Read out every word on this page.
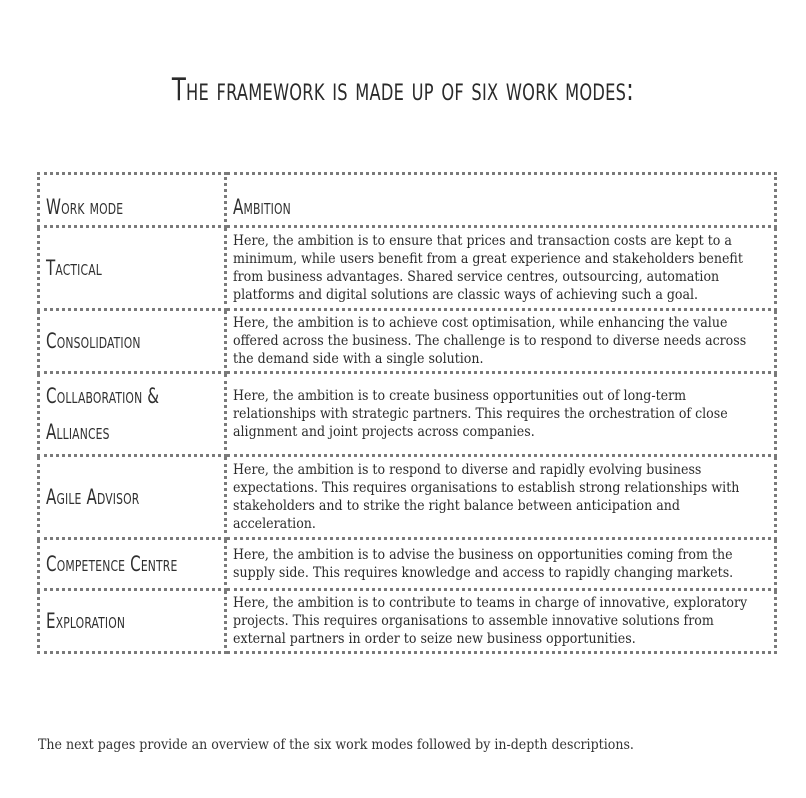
The framework is made up of six work modes:
Work mode	Ambition
Tactical	Here, the ambition is to ensure that prices and transaction costs are kept to a minimum, while users benefit from a great experience and stakeholders benefit from business advantages. Shared service centres, outsourcing, automation platforms and digital solutions are classic ways of achieving such a goal.

Consolidation	Here, the ambition is to achieve cost optimisation, while enhancing the value offered across the business. The challenge is to respond to diverse needs across the demand side with a single solution.

Collaboration & Alliances	Here, the ambition is to create business opportunities out of long-term relationships with strategic partners. This requires the orchestration of close alignment and joint projects across companies.

Agile Advisor	Here, the ambition is to respond to diverse and rapidly evolving business expectations. This requires organisations to establish strong relationships with stakeholders and to strike the right balance between anticipation and acceleration.

Competence Centre	Here, the ambition is to advise the business on opportunities coming from the supply side. This requires knowledge and access to rapidly changing markets.

Exploration	Here, the ambition is to contribute to teams in charge of innovative, exploratory projects. This requires organisations to assemble innovative solutions from external partners in order to seize new business opportunities.

The next pages provide an overview of the six work modes followed by in-depth descriptions.
